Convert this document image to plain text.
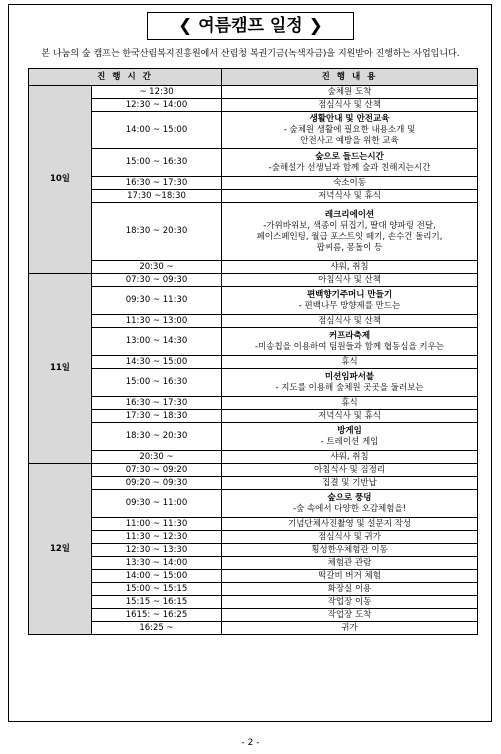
❮ 여름캠프 일정 ❯
본 나눔의 숲 캠프는 한국산림복지진흥원에서 산림청 복권기금(녹색자금)을 지원받아 진행하는 사업입니다.
진 행 시 간		진 행 내 용
10일	~ 12:30	숲체원 도착

	12:30 ~ 14:00	점심식사 및 산책

	14:00 ~ 15:00	생활안내 및 안전교육
- 숲체원 생활에 필요한 내용소개 및
안전사고 예방을 위한 교육

	15:00 ~ 16:30	숲으로 들드는시간
-숲해설가 선생님과 함께 숲과 친해지는시간

	16:30 ~ 17:30	숙소이동

	17:30 ~18:30	저녁식사 및 휴식

	18:30 ~ 20:30	레크리에이션
-가위바위보, 색종이 뒤집기, 딸대 양파링 전달,
페이스페인팅, 월급 포스트잇 떼기, 손수건 돌리기,
팝씨름, 몽돌이 등

	20:30 ~	샤워, 취침

11일	07:30 ~ 09:30	아침식사 및 산책

	09:30 ~ 11:30	편백향기주머니 만들기
- 편백나무 방향제를 만드는

	11:30 ~ 13:00	점심식사 및 산책

	13:00 ~ 14:30	커프라축제
-미송칩을 이용하여 팀원들과 함께 협동심을 키우는

	14:30 ~ 15:00	휴식

	15:00 ~ 16:30	미션임파서블
- 지도를 이용해 숲체원 곳곳을 둘러보는

	16:30 ~ 17:30	휴식

	17:30 ~ 18:30	저녁식사 및 휴식

	18:30 ~ 20:30	방게임
- 트레이션 게임

	20:30 ~	샤워, 취침

12일	07:30 ~ 09:20	아침식사 및 짐정리

	09:20 ~ 09:30	집결 및 기반납

	09:30 ~ 11:00	숲으로 풍덩
-숲 속에서 다양한 오감체험을!

	11:00 ~ 11:30	기념단체사진촬영 및 설문지 작성

	11:30 ~ 12:30	점심식사 및 귀가

	12:30 ~ 13:30	횡성한우체험관 이동

	13:30 ~ 14:00	체험관 관람

	14:00 ~ 15:00	떡갈비 버거 체험

	15:00 ~ 15:15	화장실 이용

	15:15 ~ 16:15	작업장 이동

	1615: ~ 16:25	작업장 도착

	16:25 ~	귀가
- 2 -
